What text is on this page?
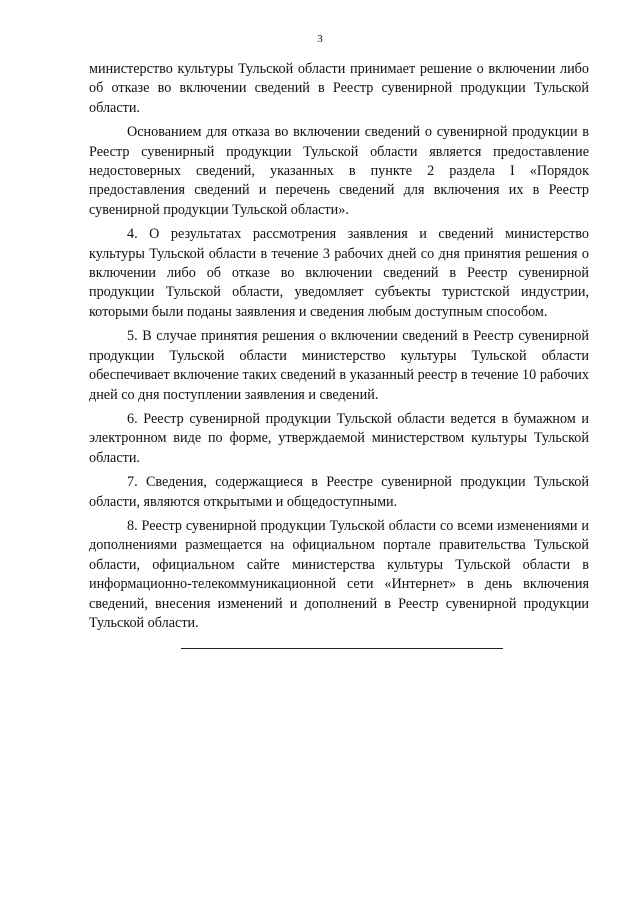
3

министерство культуры Тульской области принимает решение о включении либо об отказе во включении сведений в Реестр сувенирной продукции Тульской области.

Основанием для отказа во включении сведений о сувенирной продукции в Реестр сувенирный продукции Тульской области является предоставление недостоверных сведений, указанных в пункте 2 раздела I «Порядок предоставления сведений и перечень сведений для включения их в Реестр сувенирной продукции Тульской области».

4. О результатах рассмотрения заявления и сведений министерство культуры Тульской области в течение 3 рабочих дней со дня принятия решения о включении либо об отказе во включении сведений в Реестр сувенирной продукции Тульской области, уведомляет субъекты туристской индустрии, которыми были поданы заявления и сведения любым доступным способом.

5. В случае принятия решения о включении сведений в Реестр сувенирной продукции Тульской области министерство культуры Тульской области обеспечивает включение таких сведений в указанный реестр в течение 10 рабочих дней со дня поступлении заявления и сведений.

6. Реестр сувенирной продукции Тульской области ведется в бумажном и электронном виде по форме, утверждаемой министерством культуры Тульской области.

7. Сведения, содержащиеся в Реестре сувенирной продукции Тульской области, являются открытыми и общедоступными.

8. Реестр сувенирной продукции Тульской области со всеми изменениями и дополнениями размещается на официальном портале правительства Тульской области, официальном сайте министерства культуры Тульской области в информационно-телекоммуникационной сети «Интернет» в день включения сведений, внесения изменений и дополнений в Реестр сувенирной продукции Тульской области.
